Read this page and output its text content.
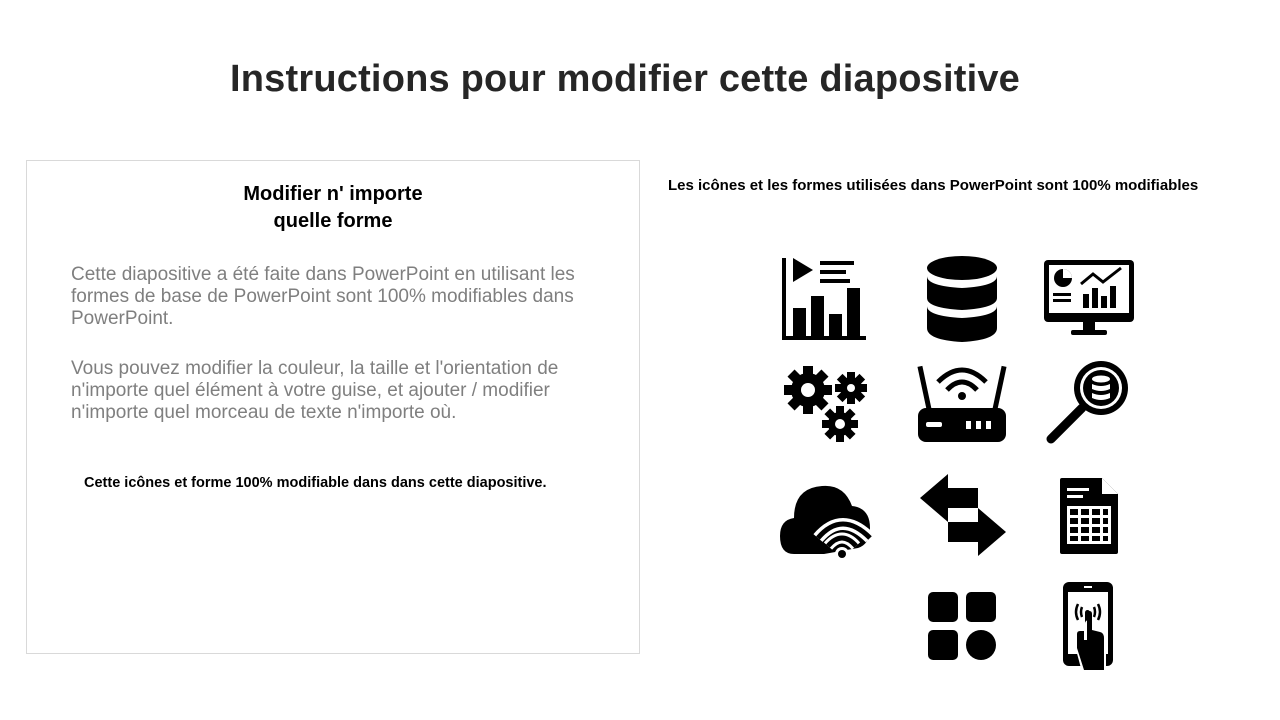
Instructions pour modifier cette diapositive
Modifier n' importe
quelle forme
Cette diapositive a été faite dans PowerPoint en utilisant les formes de base de PowerPoint sont 100% modifiables dans PowerPoint.
Vous pouvez modifier la couleur, la taille et l'orientation de n'importe quel élément à votre guise, et ajouter / modifier n'importe quel morceau de texte n'importe où.
Cette icônes et forme 100% modifiable dans dans cette diapositive.
Les icônes et les formes utilisées dans PowerPoint sont 100% modifiables
